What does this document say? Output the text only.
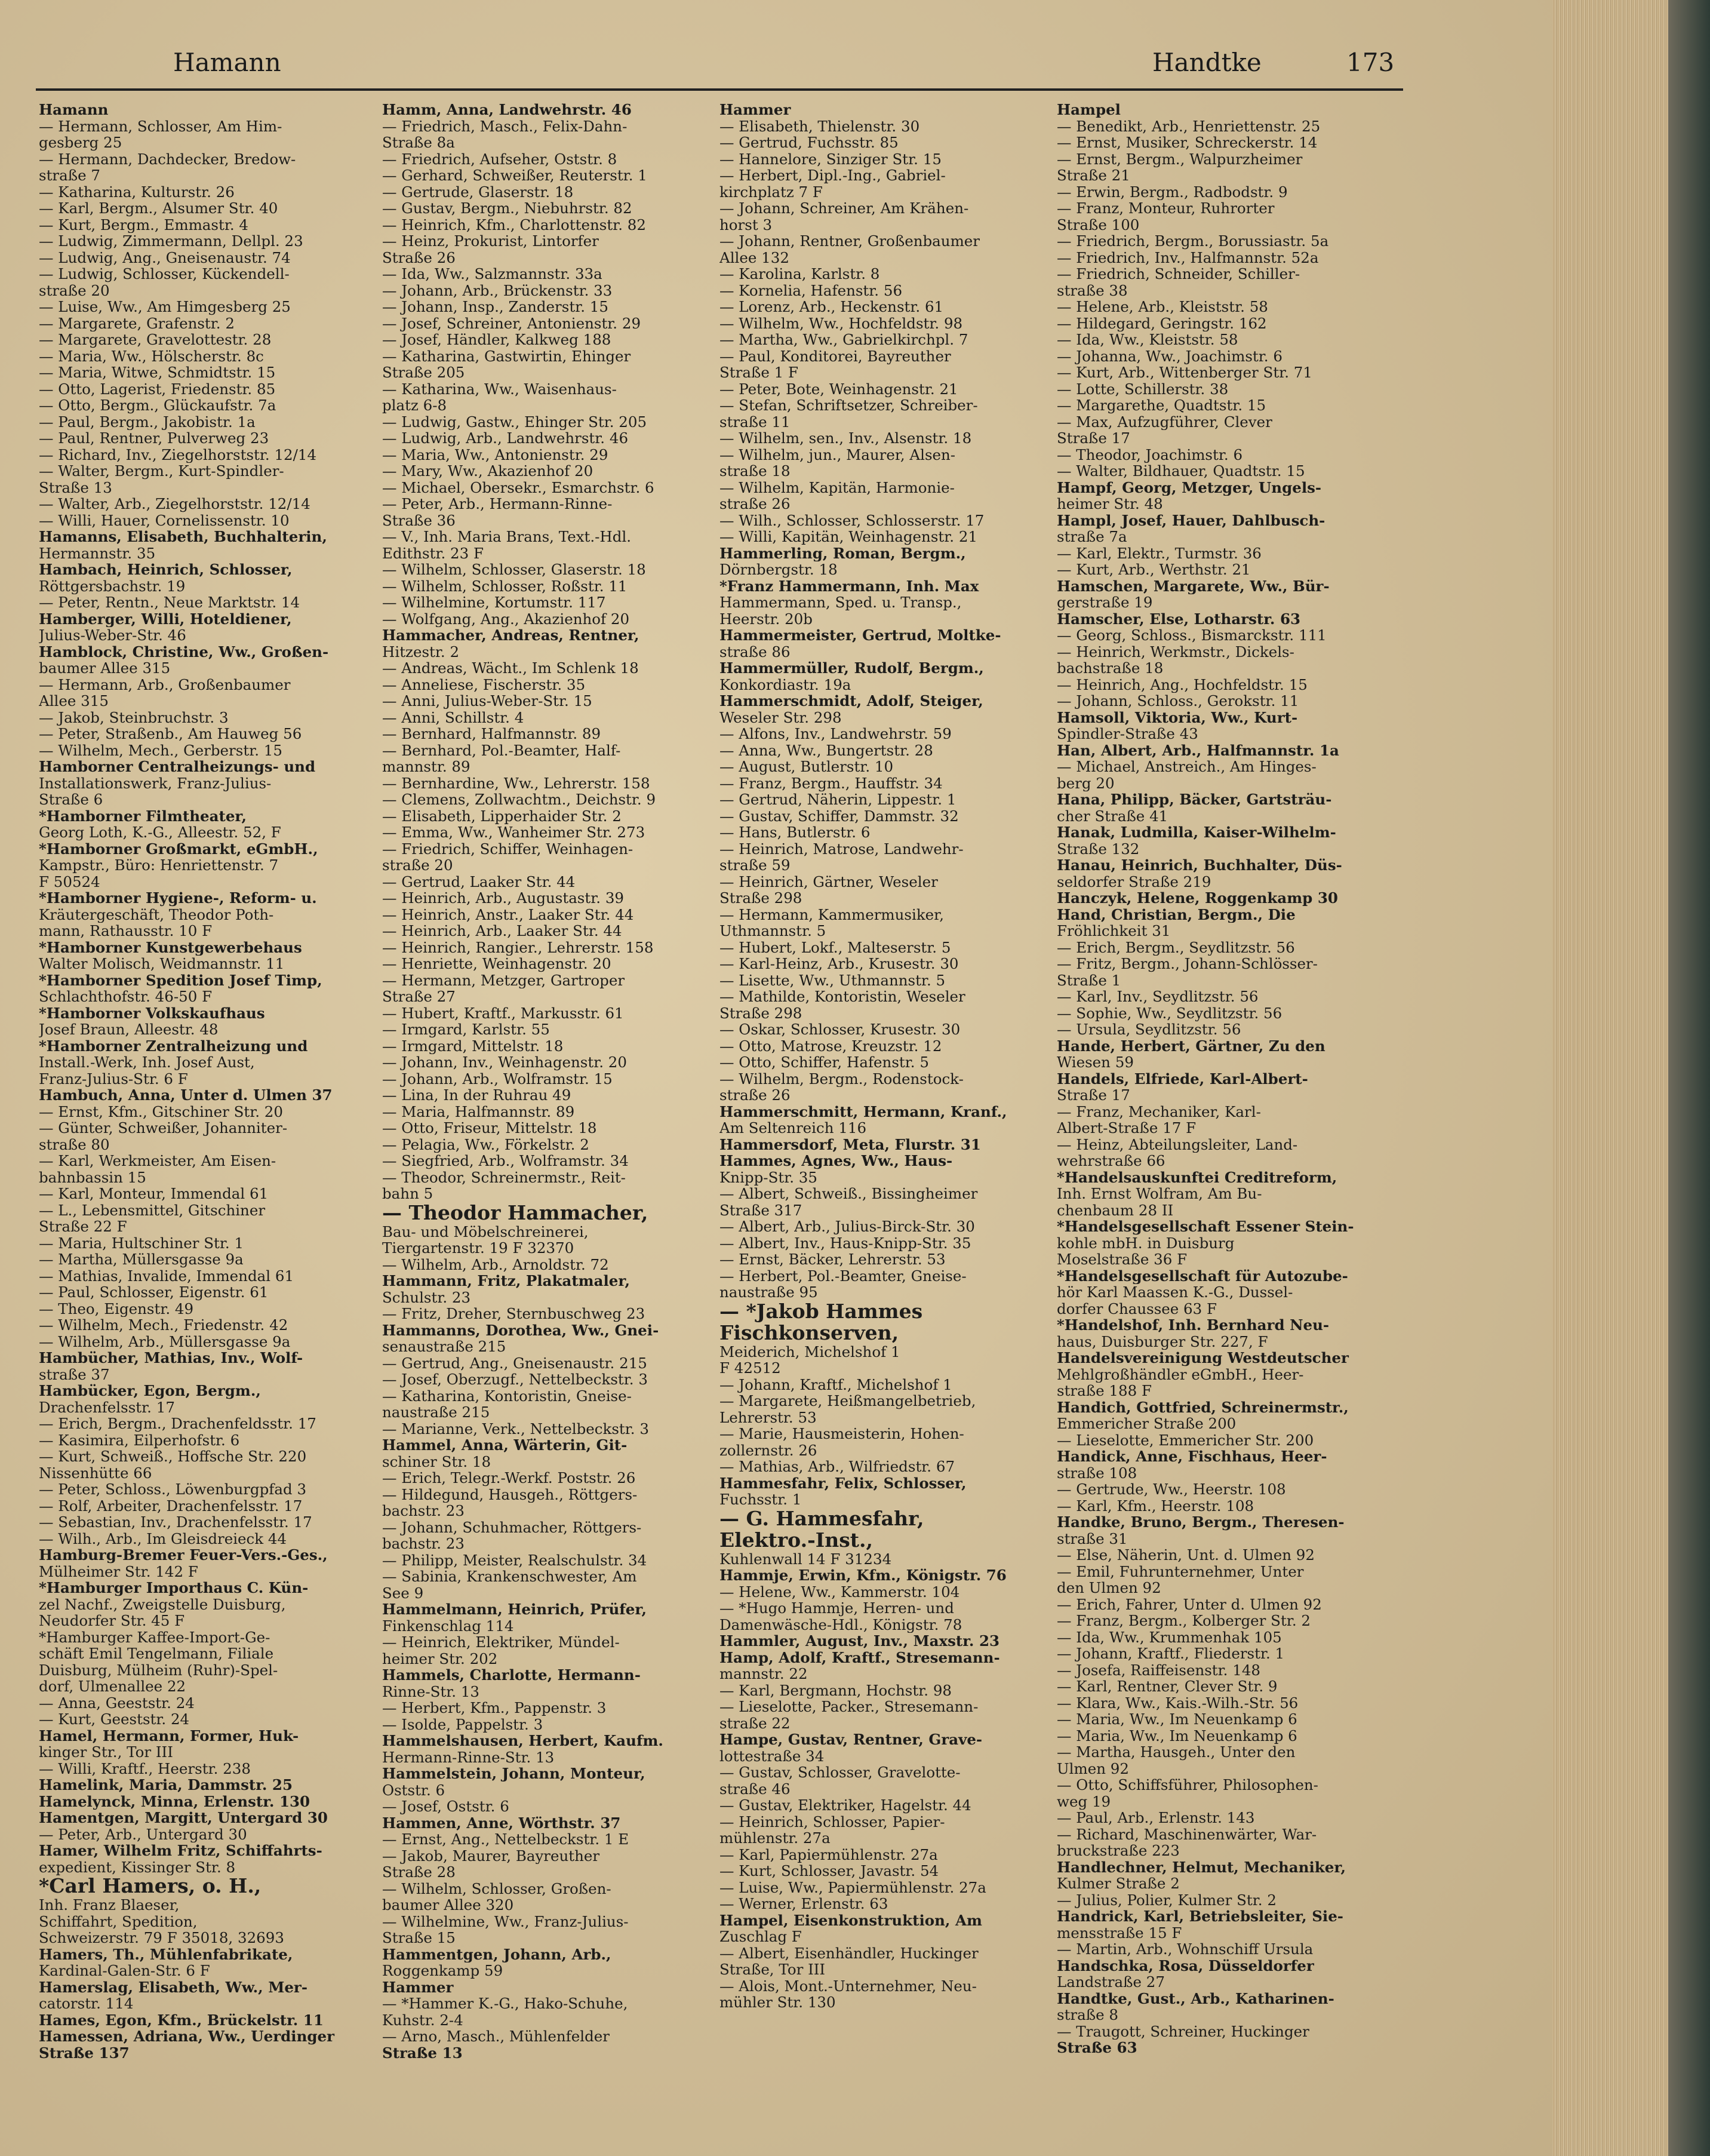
Hamann	Handtke	173
Hamann
— Hermann, Schlosser, Am Him-
gesberg 25
— Hermann, Dachdecker, Bredow-
straße 7
— Katharina, Kulturstr. 26
— Karl, Bergm., Alsumer Str. 40
— Kurt, Bergm., Emmastr. 4
— Ludwig, Zimmermann, Dellpl. 23
— Ludwig, Ang., Gneisenaustr. 74
— Ludwig, Schlosser, Kückendell-
straße 20
— Luise, Ww., Am Himgesberg 25
— Margarete, Grafenstr. 2
— Margarete, Gravelottestr. 28
— Maria, Ww., Hölscherstr. 8c
— Maria, Witwe, Schmidtstr. 15
— Otto, Lagerist, Friedenstr. 85
— Otto, Bergm., Glückaufstr. 7a
— Paul, Bergm., Jakobistr. 1a
— Paul, Rentner, Pulverweg 23
— Richard, Inv., Ziegelhorststr. 12/14
— Walter, Bergm., Kurt-Spindler-
Straße 13
— Walter, Arb., Ziegelhorststr. 12/14
— Willi, Hauer, Cornelissenstr. 10
Hamanns, Elisabeth, Buchhalterin,
Hermannstr. 35
Hambach, Heinrich, Schlosser,
Röttgersbachstr. 19
— Peter, Rentn., Neue Marktstr. 14
Hamberger, Willi, Hoteldiener,
Julius-Weber-Str. 46
Hamblock, Christine, Ww., Großen-
baumer Allee 315
— Hermann, Arb., Großenbaumer
Allee 315
— Jakob, Steinbruchstr. 3
— Peter, Straßenb., Am Hauweg 56
— Wilhelm, Mech., Gerberstr. 15
Hamborner Centralheizungs- und
Installationswerk, Franz-Julius-
Straße 6
*Hamborner Filmtheater,
Georg Loth, K.-G., Alleestr. 52, F
*Hamborner Großmarkt, eGmbH.,
Kampstr., Büro: Henriettenstr. 7
F 50524
*Hamborner Hygiene-, Reform- u.
Kräutergeschäft, Theodor Poth-
mann, Rathausstr. 10 F
*Hamborner Kunstgewerbehaus
Walter Molisch, Weidmannstr. 11
*Hamborner Spedition Josef Timp,
Schlachthofstr. 46-50 F
*Hamborner Volkskaufhaus
Josef Braun, Alleestr. 48
*Hamborner Zentralheizung und
Install.-Werk, Inh. Josef Aust,
Franz-Julius-Str. 6 F
Hambuch, Anna, Unter d. Ulmen 37
— Ernst, Kfm., Gitschiner Str. 20
— Günter, Schweißer, Johanniter-
straße 80
— Karl, Werkmeister, Am Eisen-
bahnbassin 15
— Karl, Monteur, Immendal 61
— L., Lebensmittel, Gitschiner
Straße 22 F
— Maria, Hultschiner Str. 1
— Martha, Müllersgasse 9a
— Mathias, Invalide, Immendal 61
— Paul, Schlosser, Eigenstr. 61
— Theo, Eigenstr. 49
— Wilhelm, Mech., Friedenstr. 42
— Wilhelm, Arb., Müllersgasse 9a
Hambücher, Mathias, Inv., Wolf-
straße 37
Hambücker, Egon, Bergm.,
Drachenfelsstr. 17
— Erich, Bergm., Drachenfeldsstr. 17
— Kasimira, Eilperhofstr. 6
— Kurt, Schweiß., Hoffsche Str. 220
Nissenhütte 66
— Peter, Schloss., Löwenburgpfad 3
— Rolf, Arbeiter, Drachenfelsstr. 17
— Sebastian, Inv., Drachenfelsstr. 17
— Wilh., Arb., Im Gleisdreieck 44
Hamburg-Bremer Feuer-Vers.-Ges.,
Mülheimer Str. 142 F
*Hamburger Importhaus C. Kün-
zel Nachf., Zweigstelle Duisburg,
Neudorfer Str. 45 F
*Hamburger Kaffee-Import-Ge-
schäft Emil Tengelmann, Filiale
Duisburg, Mülheim (Ruhr)-Spel-
dorf, Ulmenallee 22
— Anna, Geeststr. 24
— Kurt, Geeststr. 24
Hamel, Hermann, Former, Huk-
kinger Str., Tor III
— Willi, Kraftf., Heerstr. 238
Hamelink, Maria, Dammstr. 25
Hamelynck, Minna, Erlenstr. 130
Hamentgen, Margitt, Untergard 30
— Peter, Arb., Untergard 30
Hamer, Wilhelm Fritz, Schiffahrts-
expedient, Kissinger Str. 8
*Carl Hamers, o. H.,
Inh. Franz Blaeser,
Schiffahrt, Spedition,
Schweizerstr. 79 F 35018, 32693
Hamers, Th., Mühlenfabrikate,
Kardinal-Galen-Str. 6 F
Hamerslag, Elisabeth, Ww., Mer-
catorstr. 114
Hames, Egon, Kfm., Brückelstr. 11
Hamessen, Adriana, Ww., Uerdinger
Straße 137
Hamm, Anna, Landwehrstr. 46
— Friedrich, Masch., Felix-Dahn-
Straße 8a
— Friedrich, Aufseher, Oststr. 8
— Gerhard, Schweißer, Reuterstr. 1
— Gertrude, Glaserstr. 18
— Gustav, Bergm., Niebuhrstr. 82
— Heinrich, Kfm., Charlottenstr. 82
— Heinz, Prokurist, Lintorfer
Straße 26
— Ida, Ww., Salzmannstr. 33a
— Johann, Arb., Brückenstr. 33
— Johann, Insp., Zanderstr. 15
— Josef, Schreiner, Antonienstr. 29
— Josef, Händler, Kalkweg 188
— Katharina, Gastwirtin, Ehinger
Straße 205
— Katharina, Ww., Waisenhaus-
platz 6-8
— Ludwig, Gastw., Ehinger Str. 205
— Ludwig, Arb., Landwehrstr. 46
— Maria, Ww., Antonienstr. 29
— Mary, Ww., Akazienhof 20
— Michael, Obersekr., Esmarchstr. 6
— Peter, Arb., Hermann-Rinne-
Straße 36
— V., Inh. Maria Brans, Text.-Hdl.
Edithstr. 23 F
— Wilhelm, Schlosser, Glaserstr. 18
— Wilhelm, Schlosser, Roßstr. 11
— Wilhelmine, Kortumstr. 117
— Wolfgang, Ang., Akazienhof 20
Hammacher, Andreas, Rentner,
Hitzestr. 2
— Andreas, Wächt., Im Schlenk 18
— Anneliese, Fischerstr. 35
— Anni, Julius-Weber-Str. 15
— Anni, Schillstr. 4
— Bernhard, Halfmannstr. 89
— Bernhard, Pol.-Beamter, Half-
mannstr. 89
— Bernhardine, Ww., Lehrerstr. 158
— Clemens, Zollwachtm., Deichstr. 9
— Elisabeth, Lipperhaider Str. 2
— Emma, Ww., Wanheimer Str. 273
— Friedrich, Schiffer, Weinhagen-
straße 20
— Gertrud, Laaker Str. 44
— Heinrich, Arb., Augustastr. 39
— Heinrich, Anstr., Laaker Str. 44
— Heinrich, Arb., Laaker Str. 44
— Heinrich, Rangier., Lehrerstr. 158
— Henriette, Weinhagenstr. 20
— Hermann, Metzger, Gartroper
Straße 27
— Hubert, Kraftf., Markusstr. 61
— Irmgard, Karlstr. 55
— Irmgard, Mittelstr. 18
— Johann, Inv., Weinhagenstr. 20
— Johann, Arb., Wolframstr. 15
— Lina, In der Ruhrau 49
— Maria, Halfmannstr. 89
— Otto, Friseur, Mittelstr. 18
— Pelagia, Ww., Förkelstr. 2
— Siegfried, Arb., Wolframstr. 34
— Theodor, Schreinermstr., Reit-
bahn 5
— Theodor Hammacher,
Bau- und Möbelschreinerei,
Tiergartenstr. 19 F 32370
— Wilhelm, Arb., Arnoldstr. 72
Hammann, Fritz, Plakatmaler,
Schulstr. 23
— Fritz, Dreher, Sternbuschweg 23
Hammanns, Dorothea, Ww., Gnei-
senaustraße 215
— Gertrud, Ang., Gneisenaustr. 215
— Josef, Oberzugf., Nettelbeckstr. 3
— Katharina, Kontoristin, Gneise-
naustraße 215
— Marianne, Verk., Nettelbeckstr. 3
Hammel, Anna, Wärterin, Git-
schiner Str. 18
— Erich, Telegr.-Werkf. Poststr. 26
— Hildegund, Hausgeh., Röttgers-
bachstr. 23
— Johann, Schuhmacher, Röttgers-
bachstr. 23
— Philipp, Meister, Realschulstr. 34
— Sabinia, Krankenschwester, Am
See 9
Hammelmann, Heinrich, Prüfer,
Finkenschlag 114
— Heinrich, Elektriker, Mündel-
heimer Str. 202
Hammels, Charlotte, Hermann-
Rinne-Str. 13
— Herbert, Kfm., Pappenstr. 3
— Isolde, Pappelstr. 3
Hammelshausen, Herbert, Kaufm.
Hermann-Rinne-Str. 13
Hammelstein, Johann, Monteur,
Oststr. 6
— Josef, Oststr. 6
Hammen, Anne, Wörthstr. 37
— Ernst, Ang., Nettelbeckstr. 1 E
— Jakob, Maurer, Bayreuther
Straße 28
— Wilhelm, Schlosser, Großen-
baumer Allee 320
— Wilhelmine, Ww., Franz-Julius-
Straße 15
Hammentgen, Johann, Arb.,
Roggenkamp 59
Hammer
— *Hammer K.-G., Hako-Schuhe,
Kuhstr. 2-4
— Arno, Masch., Mühlenfelder
Straße 13
Hammer
— Elisabeth, Thielenstr. 30
— Gertrud, Fuchsstr. 85
— Hannelore, Sinziger Str. 15
— Herbert, Dipl.-Ing., Gabriel-
kirchplatz 7 F
— Johann, Schreiner, Am Krähen-
horst 3
— Johann, Rentner, Großenbaumer
Allee 132
— Karolina, Karlstr. 8
— Kornelia, Hafenstr. 56
— Lorenz, Arb., Heckenstr. 61
— Wilhelm, Ww., Hochfeldstr. 98
— Martha, Ww., Gabrielkirchpl. 7
— Paul, Konditorei, Bayreuther
Straße 1 F
— Peter, Bote, Weinhagenstr. 21
— Stefan, Schriftsetzer, Schreiber-
straße 11
— Wilhelm, sen., Inv., Alsenstr. 18
— Wilhelm, jun., Maurer, Alsen-
straße 18
— Wilhelm, Kapitän, Harmonie-
straße 26
— Wilh., Schlosser, Schlosserstr. 17
— Willi, Kapitän, Weinhagenstr. 21
Hammerling, Roman, Bergm.,
Dörnbergstr. 18
*Franz Hammermann, Inh. Max
Hammermann, Sped. u. Transp.,
Heerstr. 20b
Hammermeister, Gertrud, Moltke-
straße 86
Hammermüller, Rudolf, Bergm.,
Konkordiastr. 19a
Hammerschmidt, Adolf, Steiger,
Weseler Str. 298
— Alfons, Inv., Landwehrstr. 59
— Anna, Ww., Bungertstr. 28
— August, Butlerstr. 10
— Franz, Bergm., Hauffstr. 34
— Gertrud, Näherin, Lippestr. 1
— Gustav, Schiffer, Dammstr. 32
— Hans, Butlerstr. 6
— Heinrich, Matrose, Landwehr-
straße 59
— Heinrich, Gärtner, Weseler
Straße 298
— Hermann, Kammermusiker,
Uthmannstr. 5
— Hubert, Lokf., Malteserstr. 5
— Karl-Heinz, Arb., Krusestr. 30
— Lisette, Ww., Uthmannstr. 5
— Mathilde, Kontoristin, Weseler
Straße 298
— Oskar, Schlosser, Krusestr. 30
— Otto, Matrose, Kreuzstr. 12
— Otto, Schiffer, Hafenstr. 5
— Wilhelm, Bergm., Rodenstock-
straße 26
Hammerschmitt, Hermann, Kranf.,
Am Seltenreich 116
Hammersdorf, Meta, Flurstr. 31
Hammes, Agnes, Ww., Haus-
Knipp-Str. 35
— Albert, Schweiß., Bissingheimer
Straße 317
— Albert, Arb., Julius-Birck-Str. 30
— Albert, Inv., Haus-Knipp-Str. 35
— Ernst, Bäcker, Lehrerstr. 53
— Herbert, Pol.-Beamter, Gneise-
naustraße 95
— *Jakob Hammes
Fischkonserven,
Meiderich, Michelshof 1
F 42512
— Johann, Kraftf., Michelshof 1
— Margarete, Heißmangelbetrieb,
Lehrerstr. 53
— Marie, Hausmeisterin, Hohen-
zollernstr. 26
— Mathias, Arb., Wilfriedstr. 67
Hammesfahr, Felix, Schlosser,
Fuchsstr. 1
— G. Hammesfahr,
Elektro.-Inst.,
Kuhlenwall 14 F 31234
Hammje, Erwin, Kfm., Königstr. 76
— Helene, Ww., Kammerstr. 104
— *Hugo Hammje, Herren- und
Damenwäsche-Hdl., Königstr. 78
Hammler, August, Inv., Maxstr. 23
Hamp, Adolf, Kraftf., Stresemann-
mannstr. 22
— Karl, Bergmann, Hochstr. 98
— Lieselotte, Packer., Stresemann-
straße 22
Hampe, Gustav, Rentner, Grave-
lottestraße 34
— Gustav, Schlosser, Gravelotte-
straße 46
— Gustav, Elektriker, Hagelstr. 44
— Heinrich, Schlosser, Papier-
mühlenstr. 27a
— Karl, Papiermühlenstr. 27a
— Kurt, Schlosser, Javastr. 54
— Luise, Ww., Papiermühlenstr. 27a
— Werner, Erlenstr. 63
Hampel, Eisenkonstruktion, Am
Zuschlag F
— Albert, Eisenhändler, Huckinger
Straße, Tor III
— Alois, Mont.-Unternehmer, Neu-
mühler Str. 130
Hampel
— Benedikt, Arb., Henriettenstr. 25
— Ernst, Musiker, Schreckerstr. 14
— Ernst, Bergm., Walpurzheimer
Straße 21
— Erwin, Bergm., Radbodstr. 9
— Franz, Monteur, Ruhrorter
Straße 100
— Friedrich, Bergm., Borussiastr. 5a
— Friedrich, Inv., Halfmannstr. 52a
— Friedrich, Schneider, Schiller-
straße 38
— Helene, Arb., Kleiststr. 58
— Hildegard, Geringstr. 162
— Ida, Ww., Kleiststr. 58
— Johanna, Ww., Joachimstr. 6
— Kurt, Arb., Wittenberger Str. 71
— Lotte, Schillerstr. 38
— Margarethe, Quadtstr. 15
— Max, Aufzugführer, Clever
Straße 17
— Theodor, Joachimstr. 6
— Walter, Bildhauer, Quadtstr. 15
Hampf, Georg, Metzger, Ungels-
heimer Str. 48
Hampl, Josef, Hauer, Dahlbusch-
straße 7a
— Karl, Elektr., Turmstr. 36
— Kurt, Arb., Werthstr. 21
Hamschen, Margarete, Ww., Bür-
gerstraße 19
Hamscher, Else, Lotharstr. 63
— Georg, Schloss., Bismarckstr. 111
— Heinrich, Werkmstr., Dickels-
bachstraße 18
— Heinrich, Ang., Hochfeldstr. 15
— Johann, Schloss., Gerokstr. 11
Hamsoll, Viktoria, Ww., Kurt-
Spindler-Straße 43
Han, Albert, Arb., Halfmannstr. 1a
— Michael, Anstreich., Am Hinges-
berg 20
Hana, Philipp, Bäcker, Gartsträu-
cher Straße 41
Hanak, Ludmilla, Kaiser-Wilhelm-
Straße 132
Hanau, Heinrich, Buchhalter, Düs-
seldorfer Straße 219
Hanczyk, Helene, Roggenkamp 30
Hand, Christian, Bergm., Die
Fröhlichkeit 31
— Erich, Bergm., Seydlitzstr. 56
— Fritz, Bergm., Johann-Schlösser-
Straße 1
— Karl, Inv., Seydlitzstr. 56
— Sophie, Ww., Seydlitzstr. 56
— Ursula, Seydlitzstr. 56
Hande, Herbert, Gärtner, Zu den
Wiesen 59
Handels, Elfriede, Karl-Albert-
Straße 17
— Franz, Mechaniker, Karl-
Albert-Straße 17 F
— Heinz, Abteilungsleiter, Land-
wehrstraße 66
*Handelsauskunftei Creditreform,
Inh. Ernst Wolfram, Am Bu-
chenbaum 28 II
*Handelsgesellschaft Essener Stein-
kohle mbH. in Duisburg
Moselstraße 36 F
*Handelsgesellschaft für Autozube-
hör Karl Maassen K.-G., Dussel-
dorfer Chaussee 63 F
*Handelshof, Inh. Bernhard Neu-
haus, Duisburger Str. 227, F
Handelsvereinigung Westdeutscher
Mehlgroßhändler eGmbH., Heer-
straße 188 F
Handich, Gottfried, Schreinermstr.,
Emmericher Straße 200
— Lieselotte, Emmericher Str. 200
Handick, Anne, Fischhaus, Heer-
straße 108
— Gertrude, Ww., Heerstr. 108
— Karl, Kfm., Heerstr. 108
Handke, Bruno, Bergm., Theresen-
straße 31
— Else, Näherin, Unt. d. Ulmen 92
— Emil, Fuhrunternehmer, Unter
den Ulmen 92
— Erich, Fahrer, Unter d. Ulmen 92
— Franz, Bergm., Kolberger Str. 2
— Ida, Ww., Krummenhak 105
— Johann, Kraftf., Fliederstr. 1
— Josefa, Raiffeisenstr. 148
— Karl, Rentner, Clever Str. 9
— Klara, Ww., Kais.-Wilh.-Str. 56
— Maria, Ww., Im Neuenkamp 6
— Maria, Ww., Im Neuenkamp 6
— Martha, Hausgeh., Unter den
Ulmen 92
— Otto, Schiffsführer, Philosophen-
weg 19
— Paul, Arb., Erlenstr. 143
— Richard, Maschinenwärter, War-
bruckstraße 223
Handlechner, Helmut, Mechaniker,
Kulmer Straße 2
— Julius, Polier, Kulmer Str. 2
Handrick, Karl, Betriebsleiter, Sie-
mensstraße 15 F
— Martin, Arb., Wohnschiff Ursula
Handschka, Rosa, Düsseldorfer
Landstraße 27
Handtke, Gust., Arb., Katharinen-
straße 8
— Traugott, Schreiner, Huckinger
Straße 63
